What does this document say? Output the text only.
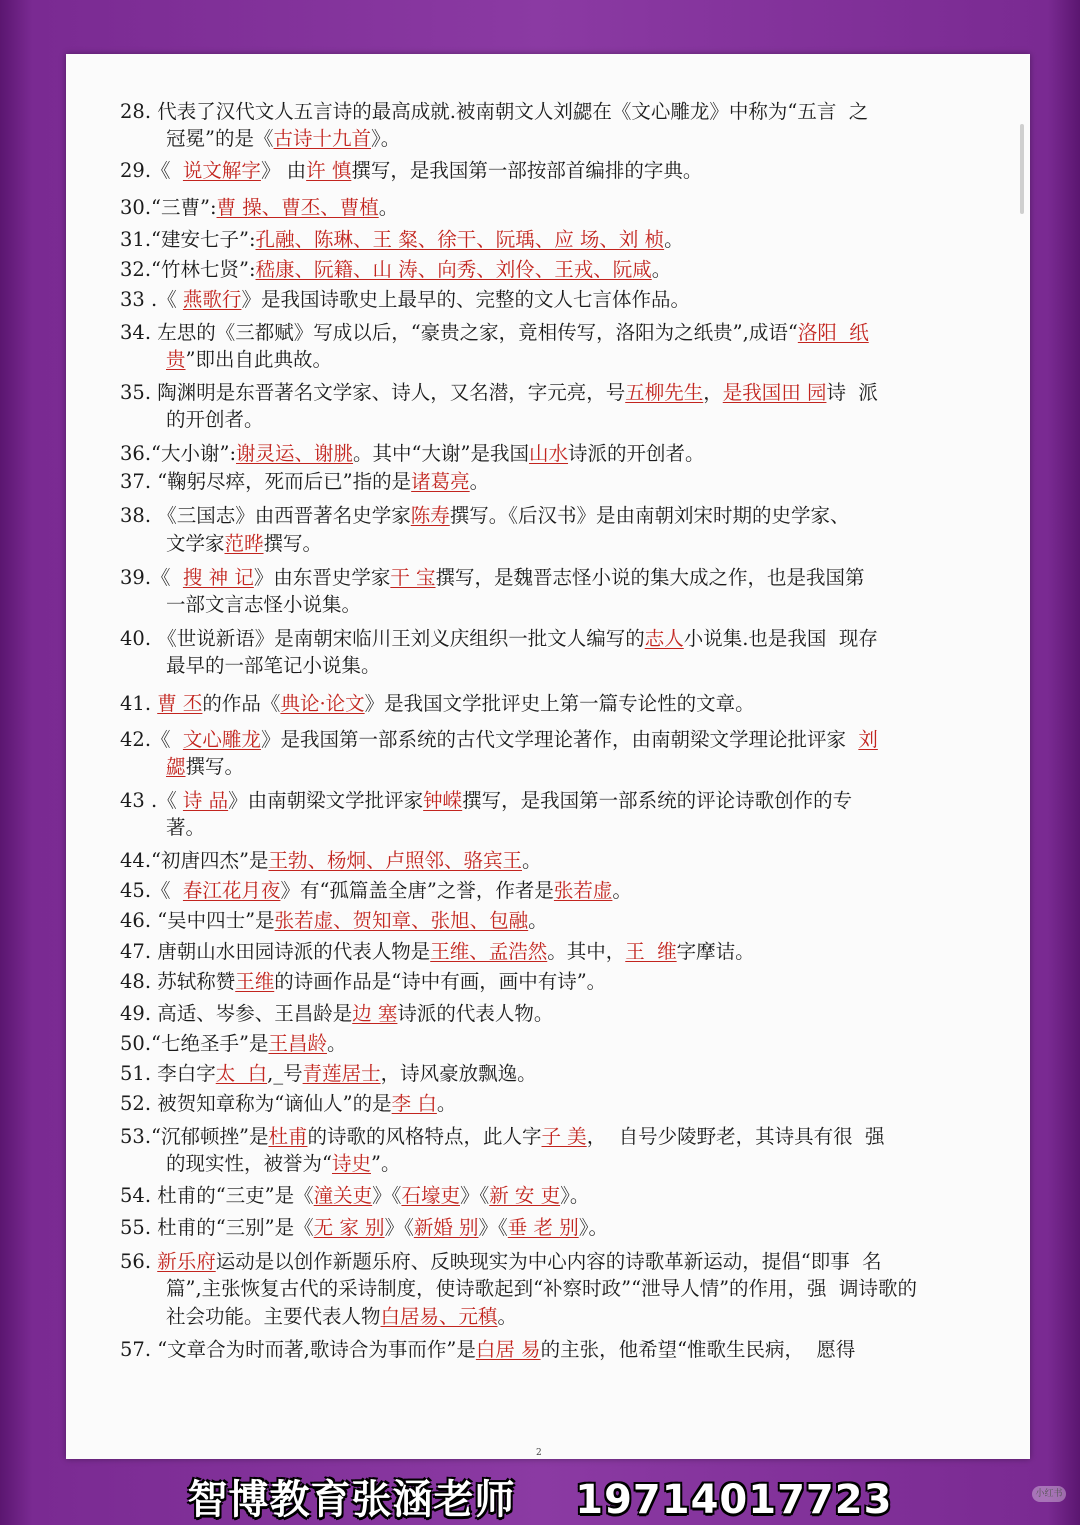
28. 代表了汉代文人五言诗的最高成就.被南朝文人刘勰在《文心雕龙》中称为“五言  之
冠冕”的是《古诗十九首》。
29.《  说文解字》 由许 慎撰写，是我国第一部按部首编排的字典。
30.“三曹”:曹 操、曹丕、曹植。
31.“建安七子”:孔融、陈琳、王 粲、徐干、阮瑀、应 场、刘 桢。
32.“竹林七贤”:嵇康、阮籍、山 涛、向秀、刘伶、王戎、阮咸。
33 .《 燕歌行》是我国诗歌史上最早的、完整的文人七言体作品。
34. 左思的《三都赋》写成以后，“豪贵之家，竟相传写，洛阳为之纸贵”,成语“洛阳  纸
贵”即出自此典故。
35. 陶渊明是东晋著名文学家、诗人，又名潜，字元亮，号五柳先生，是我国田 园诗  派
的开创者。
36.“大小谢”:谢灵运、谢朓。其中“大谢”是我国山水诗派的开创者。
37. “鞠躬尽瘁，死而后已”指的是诸葛亮。
38. 《三国志》由西晋著名史学家陈寿撰写。《后汉书》是由南朝刘宋时期的史学家、
文学家范晔撰写。
39.《  搜 神 记》由东晋史学家干 宝撰写，是魏晋志怪小说的集大成之作，也是我国第
一部文言志怪小说集。
40. 《世说新语》是南朝宋临川王刘义庆组织一批文人编写的志人小说集.也是我国  现存
最早的一部笔记小说集。
41. 曹 丕的作品《典论·论文》是我国文学批评史上第一篇专论性的文章。
42.《  文心雕龙》是我国第一部系统的古代文学理论著作，由南朝梁文学理论批评家  刘
勰撰写。
43 .《 诗 品》由南朝梁文学批评家钟嵘撰写，是我国第一部系统的评论诗歌创作的专
著。
44.“初唐四杰”是王勃、杨炯、卢照邻、骆宾王。
45.《  春江花月夜》有“孤篇盖全唐”之誉，作者是张若虚。
46. “吴中四士”是张若虚、贺知章、张旭、包融。
47. 唐朝山水田园诗派的代表人物是王维、孟浩然。其中，王  维字摩诘。
48. 苏轼称赞王维的诗画作品是“诗中有画，画中有诗”。
49. 高适、岑参、王昌龄是边 塞诗派的代表人物。
50.“七绝圣手”是王昌龄。
51. 李白字太  白,_号青莲居士，诗风豪放飘逸。
52. 被贺知章称为“谪仙人”的是李 白。
53.“沉郁顿挫”是杜甫的诗歌的风格特点，此人字子 美，  自号少陵野老，其诗具有很  强
的现实性，被誉为“诗史”。
54. 杜甫的“三吏”是《潼关吏》《石壕吏》《新 安 吏》。
55. 杜甫的“三别”是《无 家 别》《新婚 别》《垂 老 别》。
56. 新乐府运动是以创作新题乐府、反映现实为中心内容的诗歌革新运动，提倡“即事  名
篇”,主张恢复古代的采诗制度，使诗歌起到“补察时政”“泄导人情”的作用，强  调诗歌的
社会功能。主要代表人物白居易、元稹。
57. “文章合为时而著,歌诗合为事而作”是白居 易的主张，他希望“惟歌生民病，  愿得
2
智博教育张涵老师    19714017723	小红书
